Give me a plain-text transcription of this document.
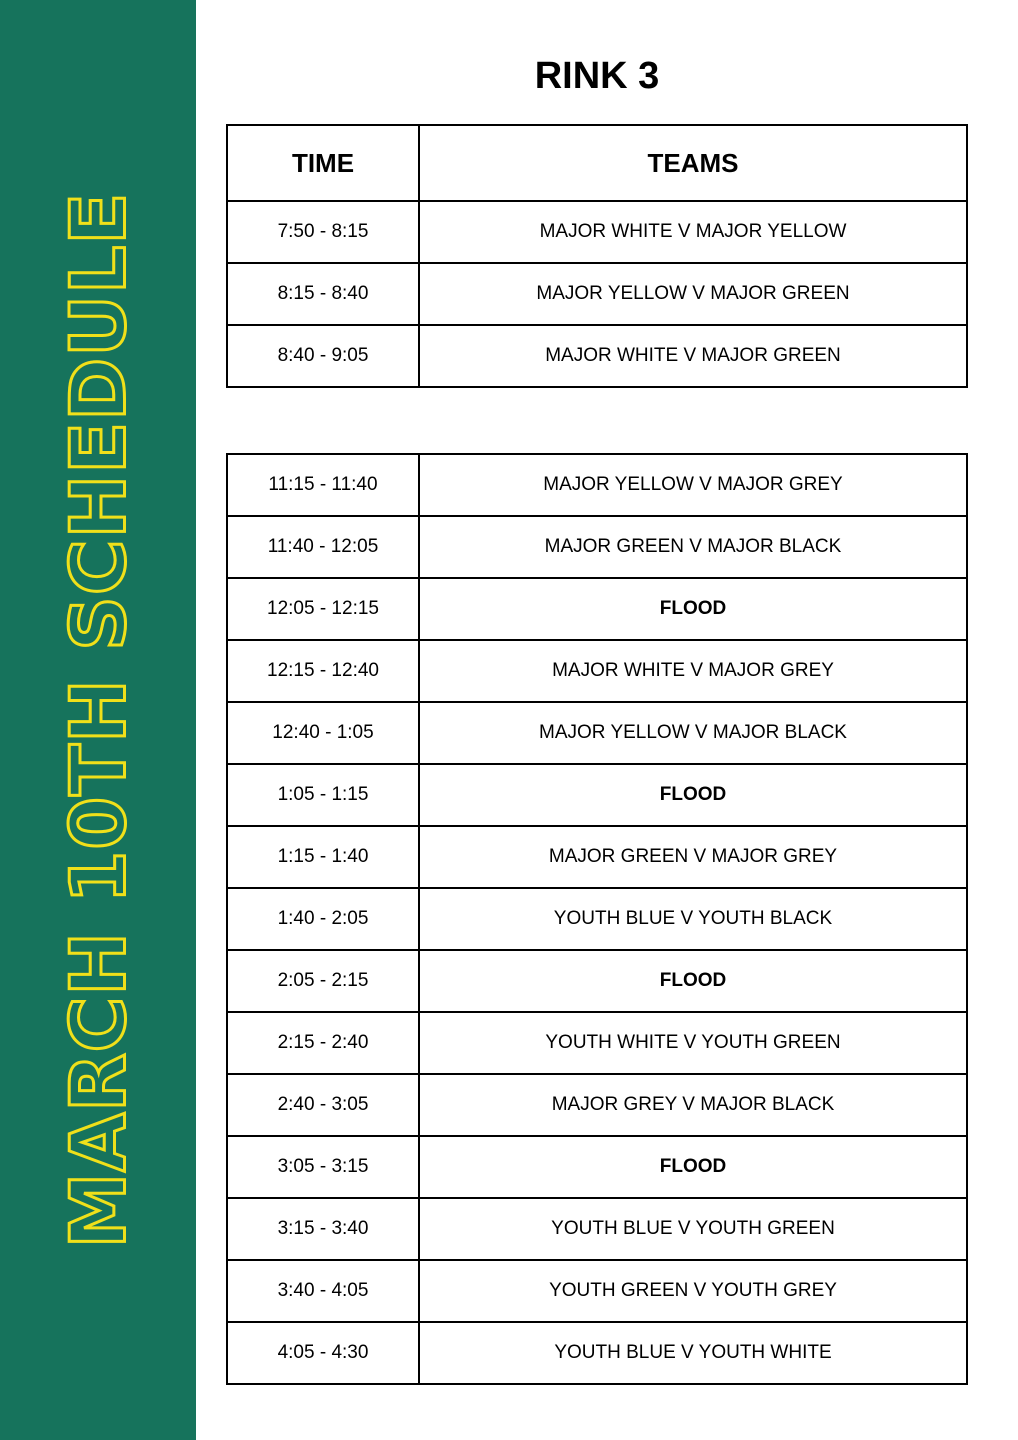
MARCH 10TH SCHEDULE
RINK 3
TIME	TEAMS
7:50 - 8:15	MAJOR WHITE V MAJOR YELLOW
8:15 - 8:40	MAJOR YELLOW V MAJOR GREEN
8:40 - 9:05	MAJOR WHITE V MAJOR GREEN
11:15 - 11:40	MAJOR YELLOW V MAJOR GREY
11:40 - 12:05	MAJOR GREEN V MAJOR BLACK
12:05 - 12:15	FLOOD
12:15 - 12:40	MAJOR WHITE V MAJOR GREY
12:40 - 1:05	MAJOR YELLOW V MAJOR BLACK
1:05 - 1:15	FLOOD
1:15 - 1:40	MAJOR GREEN V MAJOR GREY
1:40 - 2:05	YOUTH BLUE V YOUTH BLACK
2:05 - 2:15	FLOOD
2:15 - 2:40	YOUTH WHITE V YOUTH GREEN
2:40 - 3:05	MAJOR GREY V MAJOR BLACK
3:05 - 3:15	FLOOD
3:15 - 3:40	YOUTH BLUE V YOUTH GREEN
3:40 - 4:05	YOUTH GREEN V YOUTH GREY
4:05 - 4:30	YOUTH BLUE V YOUTH WHITE
